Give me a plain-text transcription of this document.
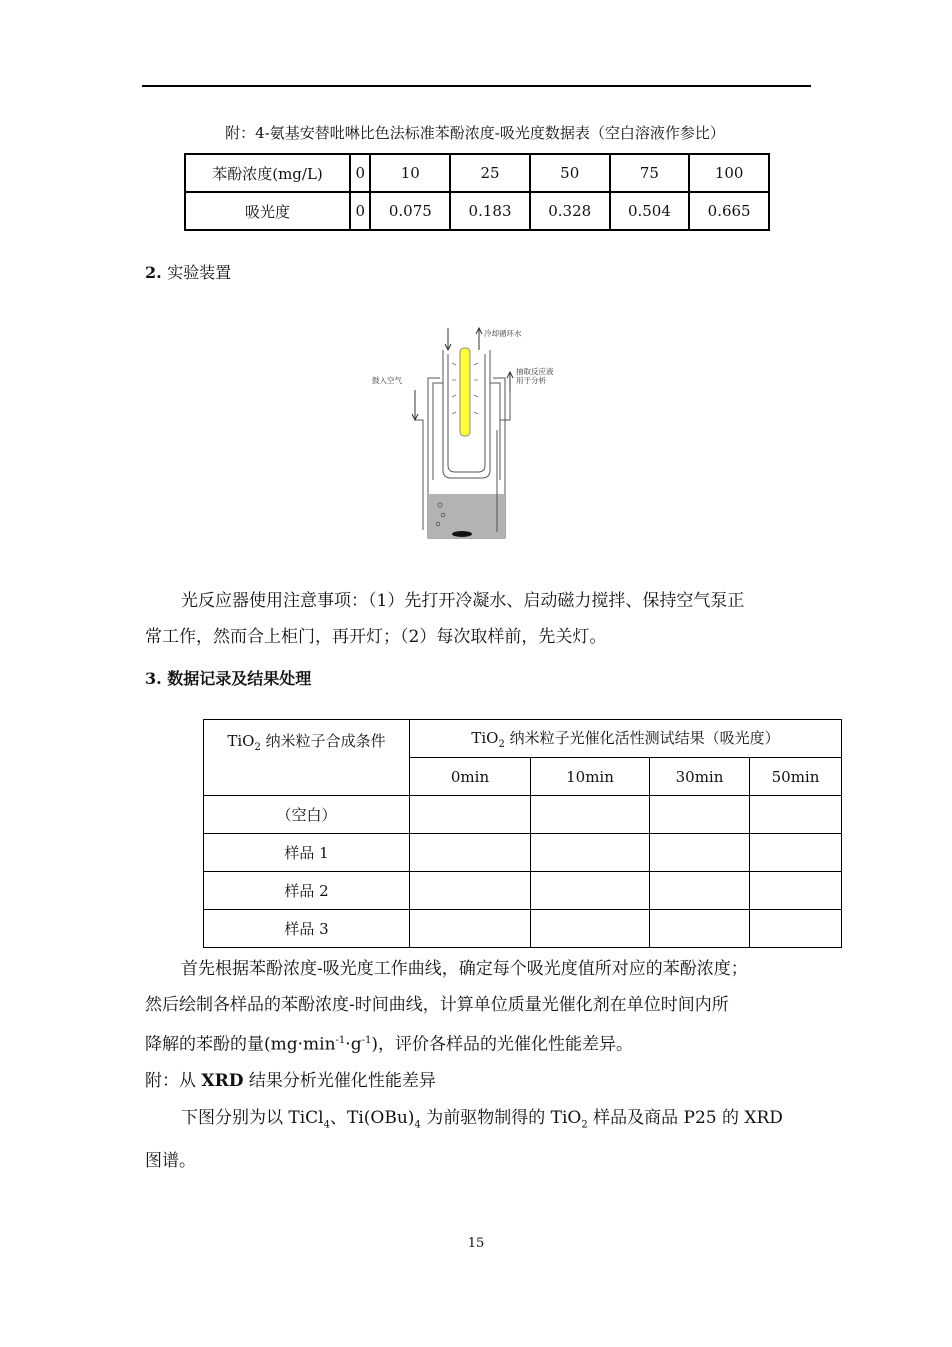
附：4-氨基安替吡啉比色法标准苯酚浓度-吸光度数据表（空白溶液作参比）
苯酚浓度(mg/L)	0	10	25	50	75	100
吸光度	0	0.075	0.183	0.328	0.504	0.665
2. 实验装置
冷却循环水
鼓入空气
抽取反应液
用于分析
光反应器使用注意事项：（1）先打开冷凝水、启动磁力搅拌、保持空气泵正
常工作，然而合上柜门，再开灯；（2）每次取样前，先关灯。
3. 数据记录及结果处理
TiO$_2$ 纳米粒子合成条件	TiO$_2$ 纳米粒子光催化活性测试结果（吸光度）			
	0min	10min	30min	50min
（空白）				
样品 1				
样品 2				
样品 3				
首先根据苯酚浓度-吸光度工作曲线，确定每个吸光度值所对应的苯酚浓度；
然后绘制各样品的苯酚浓度-时间曲线，计算单位质量光催化剂在单位时间内所
降解的苯酚的量$(mg\cdot\min^{-1}\cdot g^{-1})$，评价各样品的光催化性能差异。
附：从 XRD 结果分析光催化性能差异
下图分别为以 TiCl$_4$、$Ti(OBu)_4$ 为前驱物制得的 TiO$_2$ 样品及商品 P25 的 XRD
图谱。
15
